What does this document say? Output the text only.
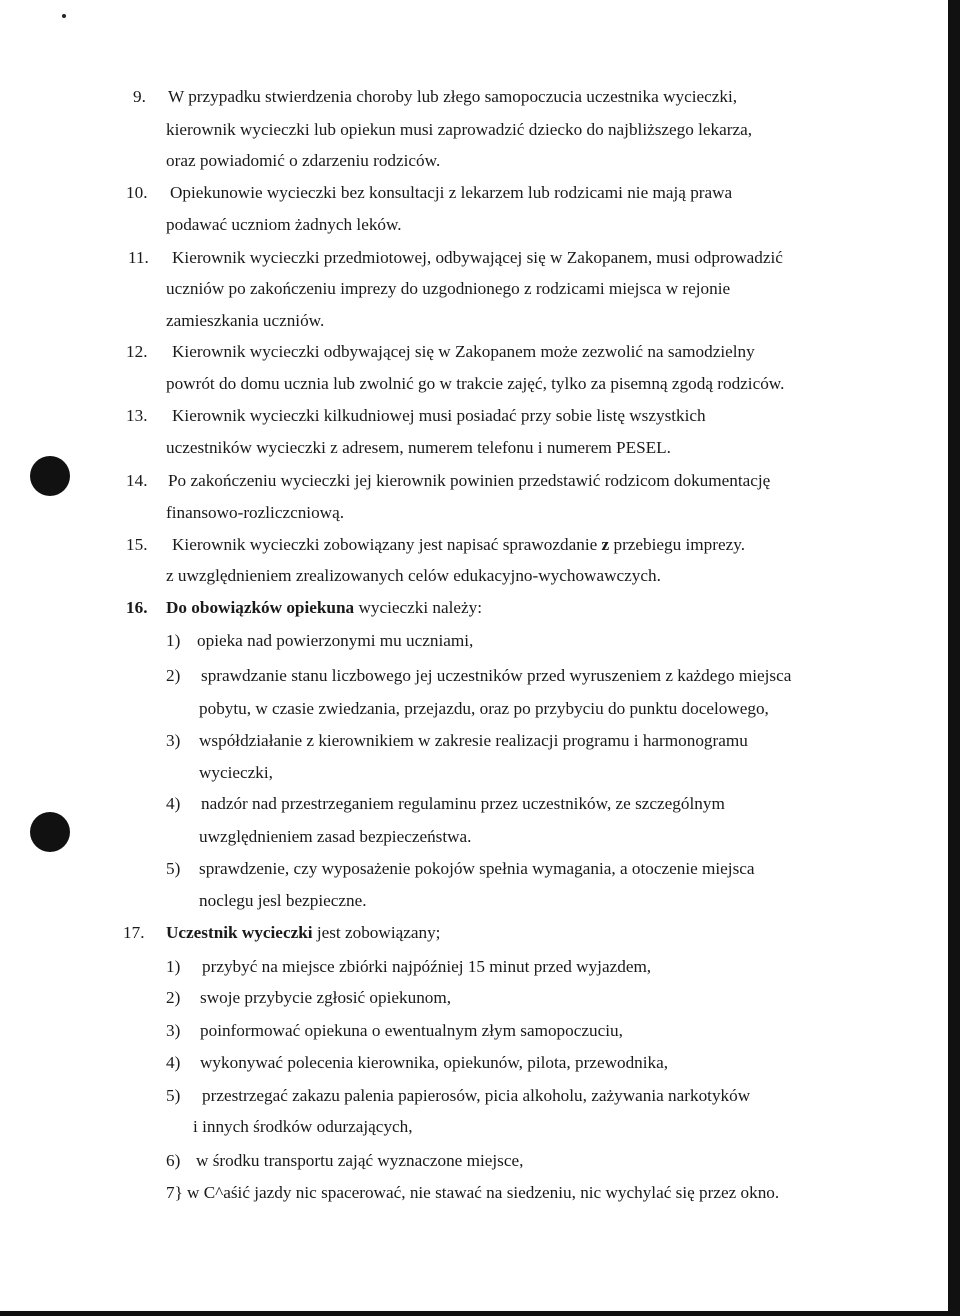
9. W przypadku stwierdzenia choroby lub złego samopoczucia uczestnika wycieczki,
kierownik wycieczki lub opiekun musi zaprowadzić dziecko do najbliższego lekarza,
oraz powiadomić o zdarzeniu rodziców.
10. Opiekunowie wycieczki bez konsultacji z lekarzem lub rodzicami nie mają prawa
podawać uczniom żadnych leków.
11. Kierownik wycieczki przedmiotowej, odbywającej się w Zakopanem, musi odprowadzić
uczniów po zakończeniu imprezy do uzgodnionego z rodzicami miejsca w rejonie
zamieszkania uczniów.
12. Kierownik wycieczki odbywającej się w Zakopanem może zezwolić na samodzielny
powrót do domu ucznia lub zwolnić go w trakcie zajęć, tylko za pisemną zgodą rodziców.
13. Kierownik wycieczki kilkudniowej musi posiadać przy sobie listę wszystkich
uczestników wycieczki z adresem, numerem telefonu i numerem PESEL.
14. Po zakończeniu wycieczki jej kierownik powinien przedstawić rodzicom dokumentację
finansowo-rozliczcniową.
15. Kierownik wycieczki zobowiązany jest napisać sprawozdanie z przebiegu imprezy.
z uwzględnieniem zrealizowanych celów edukacyjno-wychowawczych.
16. Do obowiązków opiekuna wycieczki należy:
1) opieka nad powierzonymi mu uczniami,
2) sprawdzanie stanu liczbowego jej uczestników przed wyruszeniem z każdego miejsca
pobytu, w czasie zwiedzania, przejazdu, oraz po przybyciu do punktu docelowego,
3) współdziałanie z kierownikiem w zakresie realizacji programu i harmonogramu
wycieczki,
4) nadzór nad przestrzeganiem regulaminu przez uczestników, ze szczególnym
uwzględnieniem zasad bezpieczeństwa.
5) sprawdzenie, czy wyposażenie pokojów spełnia wymagania, a otoczenie miejsca
noclegu jesl bezpieczne.
17. Uczestnik wycieczki jest zobowiązany;
1) przybyć na miejsce zbiórki najpóźniej 15 minut przed wyjazdem,
2) swoje przybycie zgłosić opiekunom,
3) poinformować opiekuna o ewentualnym złym samopoczuciu,
4) wykonywać polecenia kierownika, opiekunów, pilota, przewodnika,
5) przestrzegać zakazu palenia papierosów, picia alkoholu, zażywania narkotyków
i innych środków odurzających,
6) w środku transportu zająć wyznaczone miejsce,
7} w C^aśić jazdy nic spacerować, nie stawać na siedzeniu, nic wychylać się przez okno.
